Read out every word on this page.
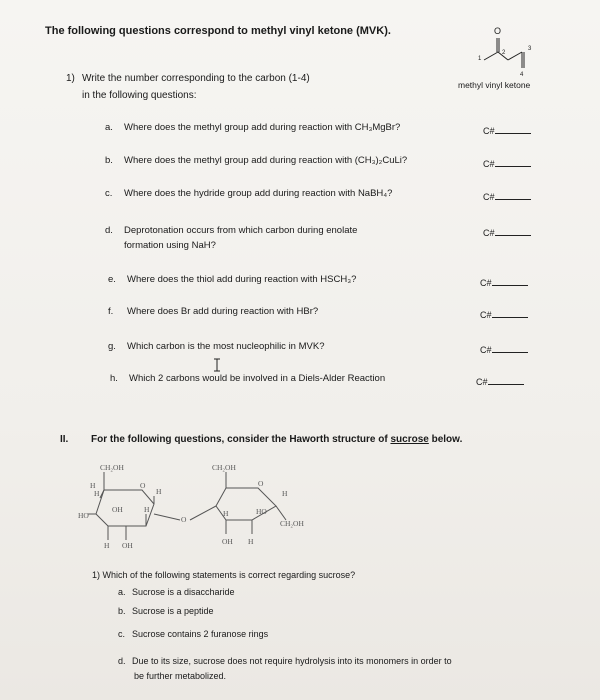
The following questions correspond to methyl vinyl ketone (MVK).	O
1
2
3
4
methyl vinyl ketone
1) Write the number corresponding to the carbon (1-4)
in the following questions:
a. Where does the methyl group add during reaction with CH₃MgBr?	C#
b. Where does the methyl group add during reaction with (CH₃)₂CuLi?	C#
c. Where does the hydride group add during reaction with NaBH₄?	C#
d. Deprotonation occurs from which carbon during enolate
formation using NaH?
C#
e. Where does the thiol add during reaction with HSCH₃?	C#
f. Where does Br add during reaction with HBr?	C#
g. Which carbon is the most nucleophilic in MVK?	C#
h. Which 2 carbons would be involved in a Diels-Alder Reaction	C#
II. For the following questions, consider the Haworth structure of sucrose below.
CH₂OH
H	O
H
H
OH	H
HO	O
H OH
CH₂OH
O
H
HO
H
CH₂OH
OH H
1) Which of the following statements is correct regarding sucrose?
a. Sucrose is a disaccharide
b. Sucrose is a peptide
c. Sucrose contains 2 furanose rings
d. Due to its size, sucrose does not require hydrolysis into its monomers in order to
be further metabolized.
